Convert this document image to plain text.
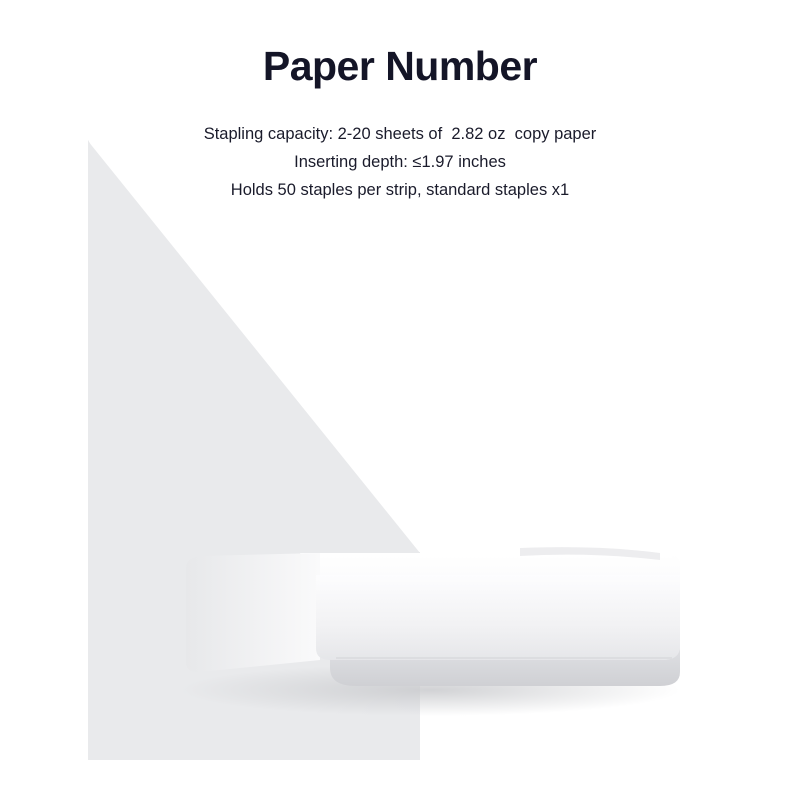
Paper Number
Stapling capacity: 2-20 sheets of  2.82 oz  copy paper
Inserting depth: ≤1.97 inches
Holds 50 staples per strip, standard staples x1
